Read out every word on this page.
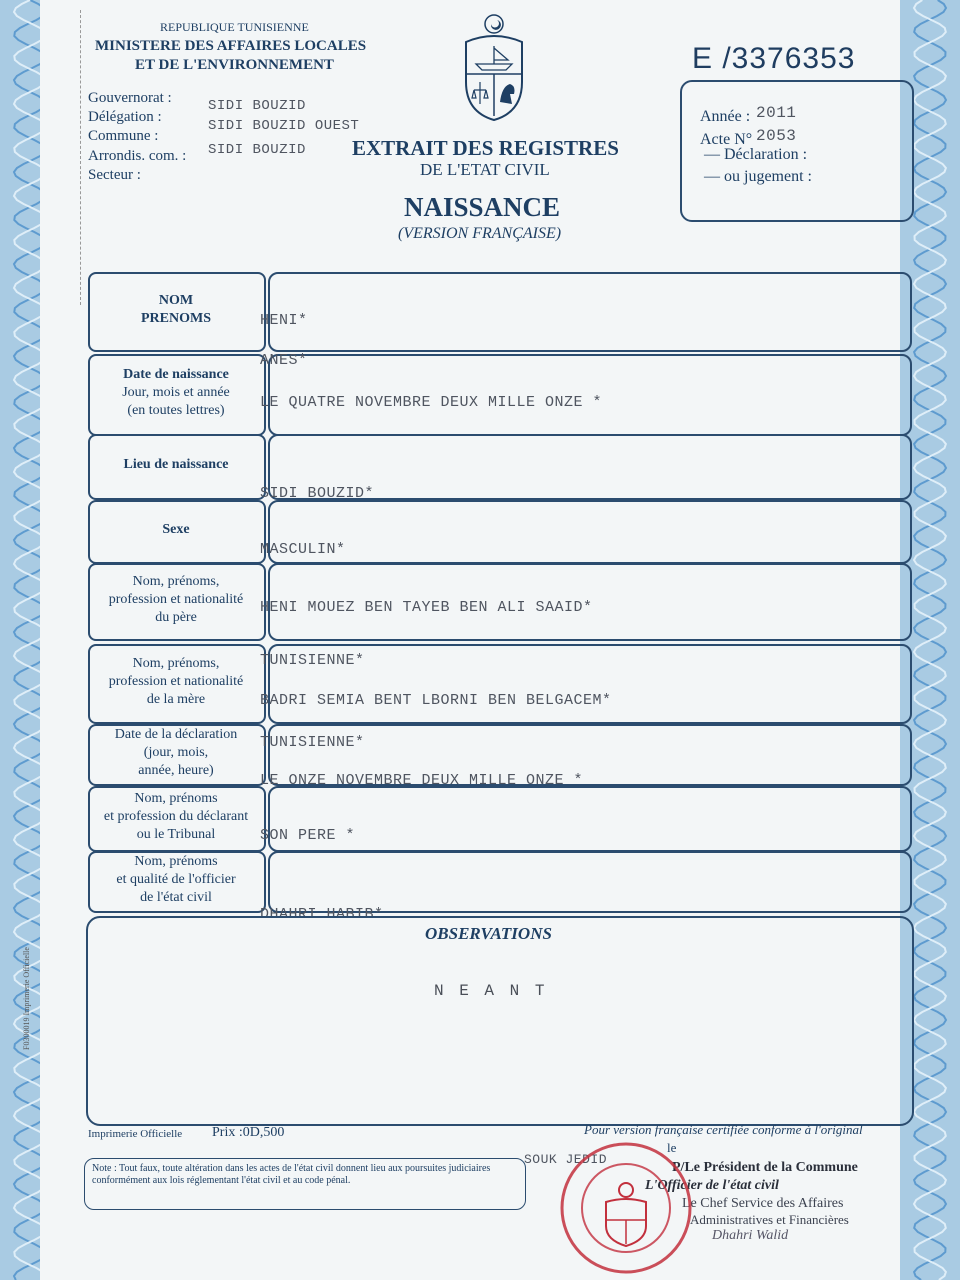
REPUBLIQUE TUNISIENNE
MINISTERE DES AFFAIRES LOCALES
ET DE L'ENVIRONNEMENT
Gouvernorat :
Délégation :
Commune :
Arrondis. com. :
Secteur :
SIDI BOUZID
SIDI BOUZID OUEST
SIDI BOUZID
E /3376353
Année : 2011
Acte N° 2053
— Déclaration :
— ou jugement :
EXTRAIT DES REGISTRES
DE L'ETAT CIVIL
NAISSANCE
(VERSION FRANÇAISE)
NOM
PRENOMS
Date de naissance
Jour, mois et année
(en toutes lettres)
Lieu de naissance
Sexe
Nom, prénoms,
profession et nationalité
du père
Nom, prénoms,
profession et nationalité
de la mère
Date de la déclaration
(jour, mois,
année, heure)
Nom, prénoms
et profession du déclarant
ou le Tribunal
Nom, prénoms
et qualité de l'officier
de l'état civil
HENI*
ANES*
LE QUATRE NOVEMBRE DEUX MILLE ONZE *
SIDI BOUZID*
MASCULIN*
HENI MOUEZ BEN TAYEB BEN ALI SAAID*
TUNISIENNE*
BADRI SEMIA BENT LBORNI BEN BELGACEM*
TUNISIENNE*
LE ONZE NOVEMBRE DEUX MILLE ONZE *
SON PERE *
DHAHRI HABIB*
OBSERVATIONS
N E A N T
F0300019 Imprimerie Officielle
Imprimerie Officielle Prix :0D,500
Note : Tout faux, toute altération dans les actes de l'état civil donnent lieu aux poursuites judiciaires conformément aux lois réglementant l'état civil et au code pénal.
Pour version française certifiée conforme à l'original
le
SOUK JEDID
P/Le Président de la Commune
L'Officier de l'état civil
Le Chef Service des Affaires
Administratives et Financières
Dhahri Walid
